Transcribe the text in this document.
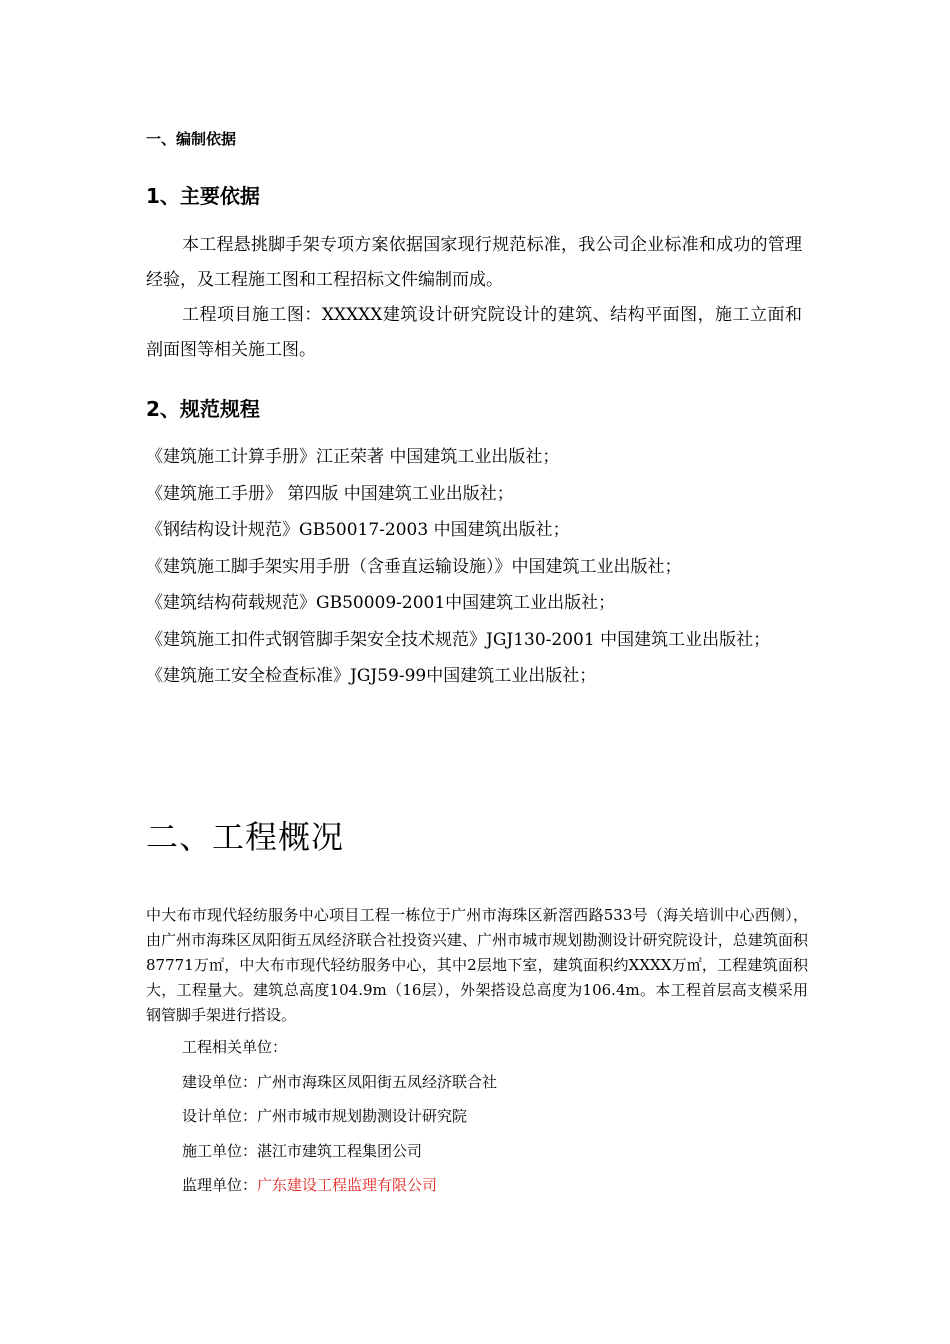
一、编制依据
1、主要依据
本工程悬挑脚手架专项方案依据国家现行规范标准，我公司企业标准和成功的管理经验，及工程施工图和工程招标文件编制而成。
工程项目施工图：XXXXX建筑设计研究院设计的建筑、结构平面图，施工立面和剖面图等相关施工图。
2、规范规程
《建筑施工计算手册》江正荣著 中国建筑工业出版社；
《建筑施工手册》 第四版 中国建筑工业出版社；
《钢结构设计规范》GB50017-2003 中国建筑出版社；
《建筑施工脚手架实用手册（含垂直运输设施）》中国建筑工业出版社；
《建筑结构荷载规范》GB50009-2001中国建筑工业出版社；
《建筑施工扣件式钢管脚手架安全技术规范》JGJ130-2001 中国建筑工业出版社；
《建筑施工安全检查标准》JGJ59-99中国建筑工业出版社；
二、工程概况
中大布市现代轻纺服务中心项目工程一栋位于广州市海珠区新滘西路533号（海关培训中心西侧），由广州市海珠区凤阳街五凤经济联合社投资兴建、广州市城市规划勘测设计研究院设计，总建筑面积87771万㎡，中大布市现代轻纺服务中心，其中2层地下室，建筑面积约XXXX万㎡，工程建筑面积大，工程量大。建筑总高度104.9m（16层），外架搭设总高度为106.4m。本工程首层高支模采用钢管脚手架进行搭设。
工程相关单位：
建设单位：广州市海珠区凤阳街五凤经济联合社
设计单位：广州市城市规划勘测设计研究院
施工单位：湛江市建筑工程集团公司
监理单位：广东建设工程监理有限公司
